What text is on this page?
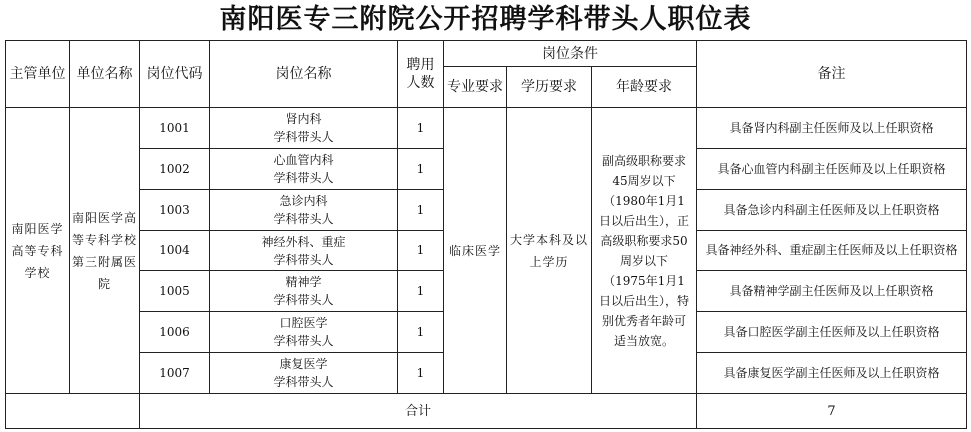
南阳医专三附院公开招聘学科带头人职位表
主管单位	单位名称	岗位代码	岗位名称	聘用人数	岗位条件			备注
					专业要求	学历要求	年龄要求	
南阳医学高等专科学校	南阳医学高等专科学校第三附属医院	1001	肾内科
学科带头人	1	临床医学	大学本科及以上学历	副高级职称要求45周岁以下（1980年1月1日以后出生），正高级职称要求50周岁以下（1975年1月1日以后出生），特别优秀者年龄可适当放宽。	具备肾内科副主任医师及以上任职资格
		1002	心血管内科
学科带头人	1				具备心血管内科副主任医师及以上任职资格
		1003	急诊内科
学科带头人	1				具备急诊内科副主任医师及以上任职资格
		1004	神经外科、重症
学科带头人	1				具备神经外科、重症副主任医师及以上任职资格
		1005	精神学
学科带头人	1				具备精神学副主任医师及以上任职资格
		1006	口腔医学
学科带头人	1				具备口腔医学副主任医师及以上任职资格
		1007	康复医学
学科带头人	1				具备康复医学副主任医师及以上任职资格
		合计						7
